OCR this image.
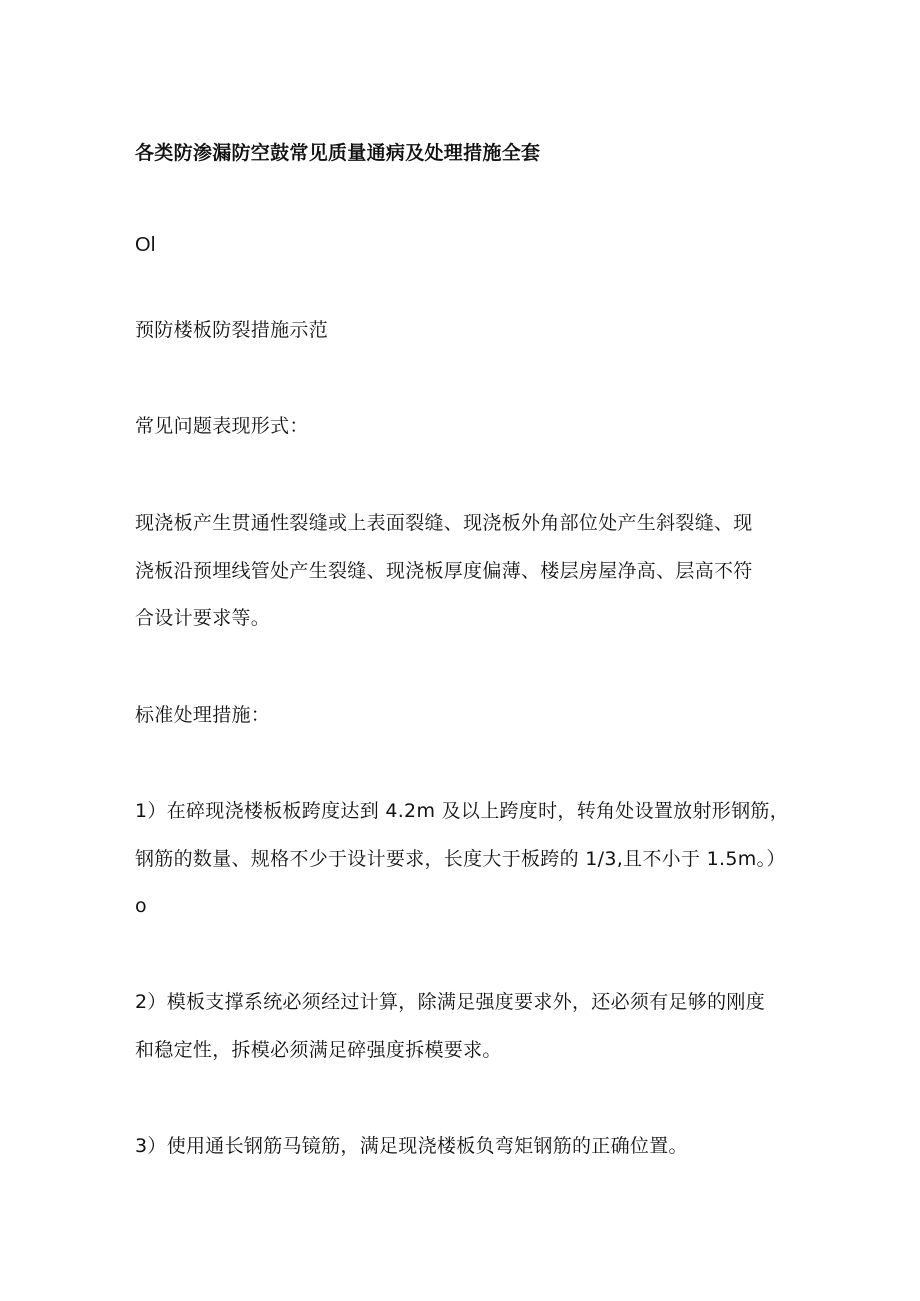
各类防渗漏防空鼓常见质量通病及处理措施全套
Ol
预防楼板防裂措施示范
常见问题表现形式：
现浇板产生贯通性裂缝或上表面裂缝、现浇板外角部位处产生斜裂缝、现
浇板沿预埋线管处产生裂缝、现浇板厚度偏薄、楼层房屋净高、层高不符
合设计要求等。
标准处理措施：
1）在碎现浇楼板板跨度达到 4.2m 及以上跨度时，转角处设置放射形钢筋，
钢筋的数量、规格不少于设计要求，长度大于板跨的 1/3,且不小于 1.5m。）
o
2）模板支撑系统必须经过计算，除满足强度要求外，还必须有足够的刚度
和稳定性，拆模必须满足碎强度拆模要求。
3）使用通长钢筋马镜筋，满足现浇楼板负弯矩钢筋的正确位置。
